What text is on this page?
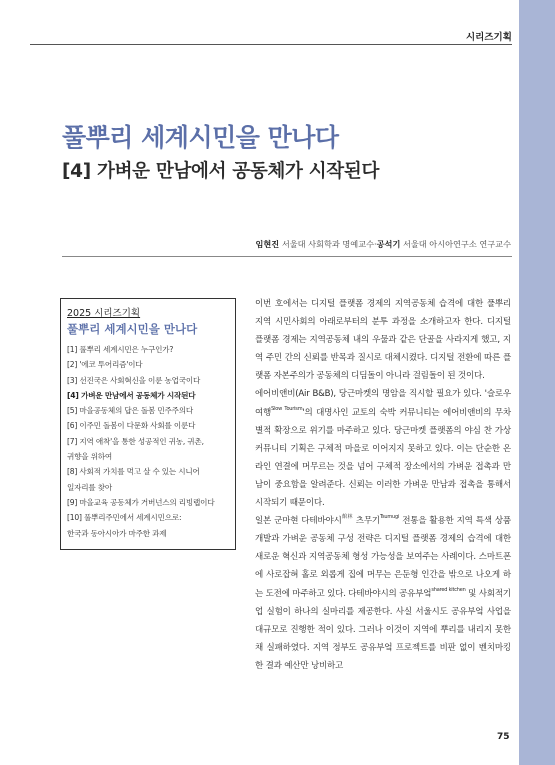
시리즈기획
풀뿌리 세계시민을 만나다
[4] 가벼운 만남에서 공동체가 시작된다
임현진 서울대 사회학과 명예교수·공석기 서울대 아시아연구소 연구교수
2025 시리즈기획
풀뿌리 세계시민을 만나다
[1] 풀뿌리 세계시민은 누구인가?
[2] '에코 투어리즘'이다
[3] 선진국은 사회혁신을 이룬 농업국이다
[4] 가벼운 만남에서 공동체가 시작된다
[5] 마을공동체의 답은 돌봄 민주주의다
[6] 이주민 돌봄이 다문화 사회를 이룬다
[7] 지역 애착'을 통한 성공적인 귀농, 귀촌,
귀향을 위하여
[8] 사회적 가치를 먹고 살 수 있는 시니어
일자리를 찾아
[9] 마을교육 공동체가 거버넌스의 리빙랩이다
[10] 풀뿌리주민에서 세계시민으로:
한국과 동아시아가 마주한 과제

이번 호에서는 디지털 플랫폼 경제의 지역공동체 습격에 대한 풀뿌리 지역 시민사회의 아래로부터의 분투 과정을 소개하고자 한다. 디지털 플랫폼 경제는 지역공동체 내의 우물과 같은 단골을 사라지게 했고, 지역 주민 간의 신뢰를 반목과 질시로 대체시켰다. 디지털 전환에 따른 플랫폼 자본주의가 공동체의 디딤돌이 아니라 걸림돌이 된 것이다.

에어비앤비(Air B&B), 당근마켓의 명암을 직시할 필요가 있다. '슬로우 여행$^{Slow Tourism}$'의 대명사인 교토의 숙박 커뮤니티는 에어비앤비의 무차별적 확장으로 위기를 마주하고 있다. 당근마켓 플랫폼의 야심 찬 가상 커뮤니티 기획은 구체적 마을로 이어지지 못하고 있다. 이는 단순한 온라인 연결에 머무르는 것을 넘어 구체적 장소에서의 가벼운 접촉과 만남이 중요함을 알려준다. 신뢰는 이러한 가벼운 만남과 접촉을 통해서 시작되기 때문이다.

일본 군마현 다테바야시$^{館林}$ 츠무기$^{Tsumugi}$ 전통을 활용한 지역 특색 상품 개발과 가벼운 공동체 구성 전략은 디지털 플랫폼 경제의 습격에 대한 새로운 혁신과 지역공동체 형성 가능성을 보여주는 사례이다. 스마트폰에 사로잡혀 홀로 외롭게 집에 머무는 은둔형 인간을 밖으로 나오게 하는 도전에 마주하고 있다. 다테바야시의 공유부엌$^{shared kitchen}$ 및 사회적기업 실험이 하나의 실마리를 제공한다. 사실 서울시도 공유부엌 사업을 대규모로 진행한 적이 있다. 그러나 이것이 지역에 뿌리를 내리지 못한 채 실패하였다. 지역 정부도 공유부엌 프로젝트를 비판 없이 벤치마킹한 결과 예산만 낭비하고

75
